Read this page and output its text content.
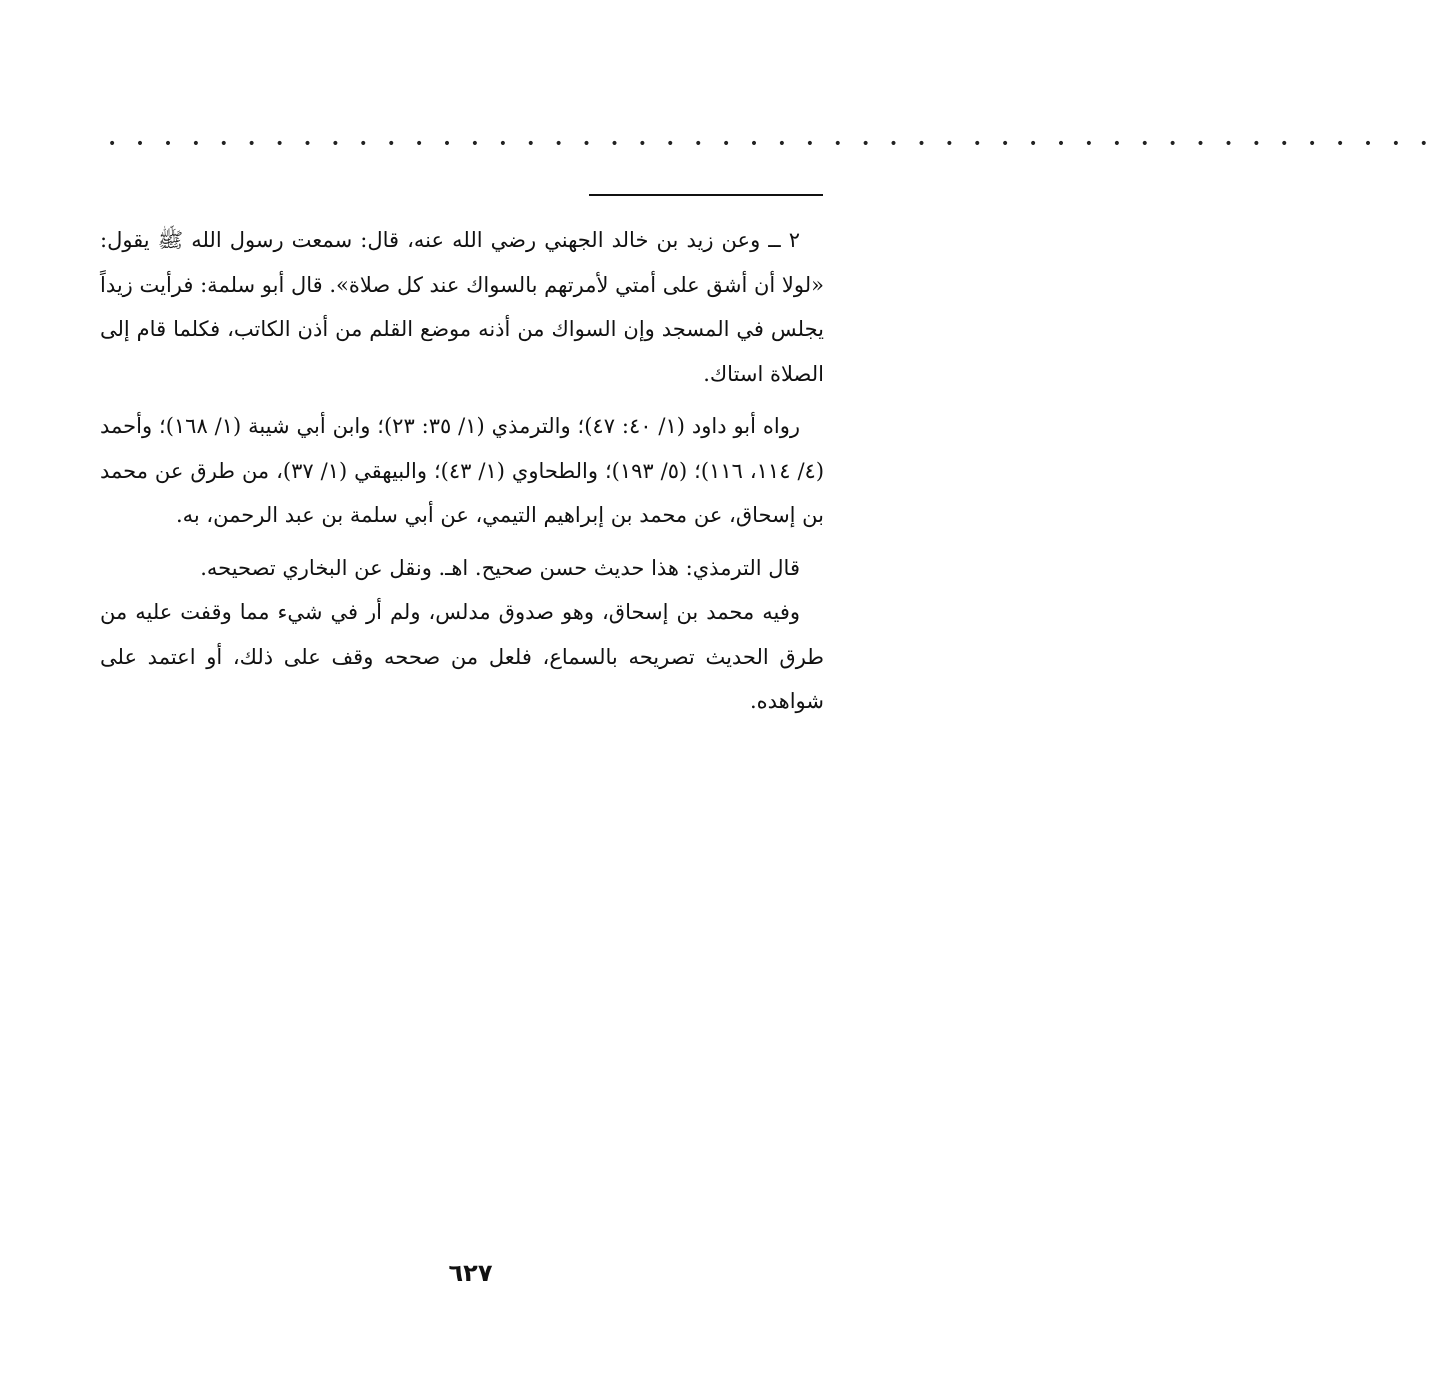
• • • • • • • • • • • • • • • • • • • • • • • • • • • • • • • • • • • • • • • • • • • • • • • •

٢ ــ وعن زيد بن خالد الجهني رضي الله عنه، قال: سمعت رسول الله ﷺ يقول: «لولا أن أشق على أمتي لأمرتهم بالسواك عند كل صلاة». قال أبو سلمة: فرأيت زيداً يجلس في المسجد وإن السواك من أذنه موضع القلم من أذن الكاتب، فكلما قام إلى الصلاة استاك.

رواه أبو داود (١/ ٤٠: ٤٧)؛ والترمذي (١/ ٣٥: ٢٣)؛ وابن أبي شيبة (١/ ١٦٨)؛ وأحمد (٤/ ١١٤، ١١٦)؛ (٥/ ١٩٣)؛ والطحاوي (١/ ٤٣)؛ والبيهقي (١/ ٣٧)، من طرق عن محمد بن إسحاق، عن محمد بن إبراهيم التيمي، عن أبي سلمة بن عبد الرحمن، به.

قال الترمذي: هذا حديث حسن صحيح. اهـ. ونقل عن البخاري تصحيحه.

وفيه محمد بن إسحاق، وهو صدوق مدلس، ولم أر في شيء مما وقفت عليه من طرق الحديث تصريحه بالسماع، فلعل من صححه وقف على ذلك، أو اعتمد على شواهده.

٦٢٧
